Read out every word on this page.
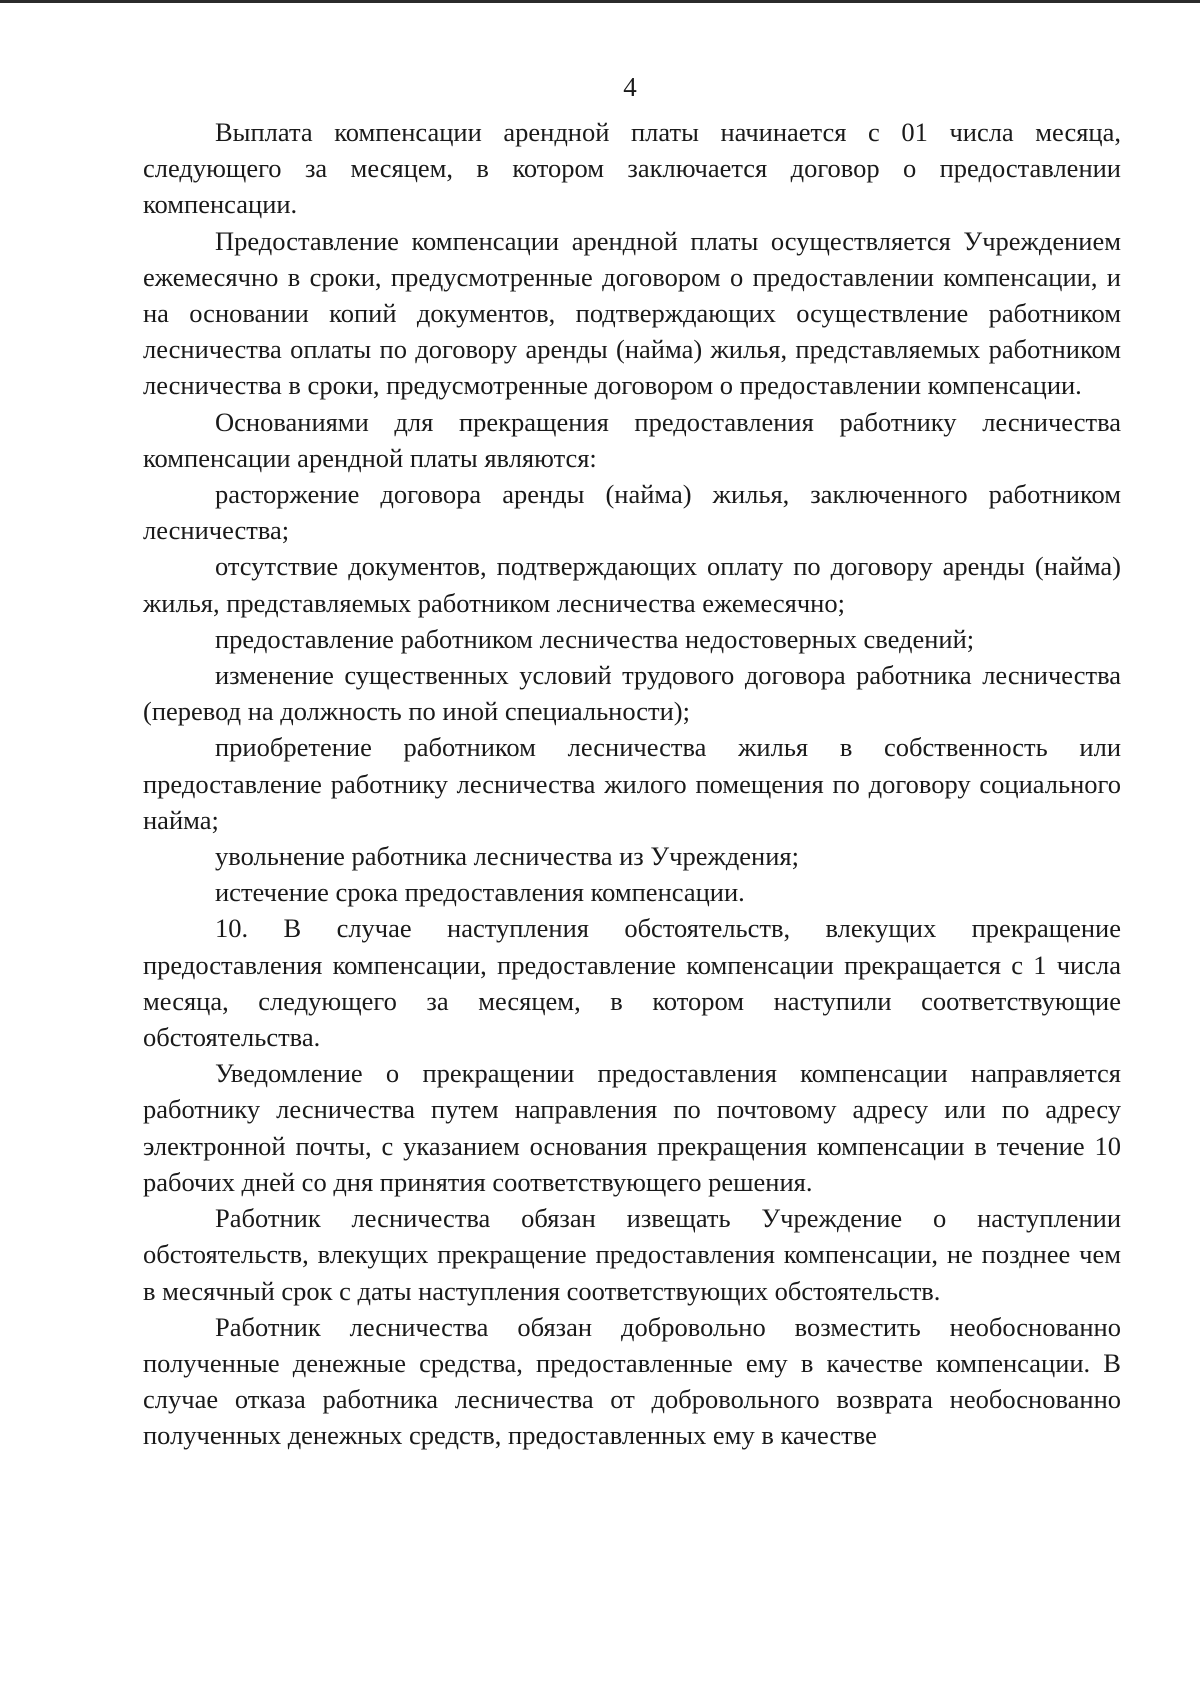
4

Выплата компенсации арендной платы начинается с 01 числа месяца, следующего за месяцем, в котором заключается договор о предоставлении компенсации.

Предоставление компенсации арендной платы осуществляется Учреждением ежемесячно в сроки, предусмотренные договором о предоставлении компенсации, и на основании копий документов, подтверждающих осуществление работником лесничества оплаты по договору аренды (найма) жилья, представляемых работником лесничества в сроки, предусмотренные договором о предоставлении компенсации.

Основаниями для прекращения предоставления работнику лесничества компенсации арендной платы являются:

расторжение договора аренды (найма) жилья, заключенного работником лесничества;

отсутствие документов, подтверждающих оплату по договору аренды (найма) жилья, представляемых работником лесничества ежемесячно;

предоставление работником лесничества недостоверных сведений;

изменение существенных условий трудового договора работника лесничества (перевод на должность по иной специальности);

приобретение работником лесничества жилья в собственность или предоставление работнику лесничества жилого помещения по договору социального найма;

увольнение работника лесничества из Учреждения;

истечение срока предоставления компенсации.

10. В случае наступления обстоятельств, влекущих прекращение предоставления компенсации, предоставление компенсации прекращается с 1 числа месяца, следующего за месяцем, в котором наступили соответствующие обстоятельства.

Уведомление о прекращении предоставления компенсации направляется работнику лесничества путем направления по почтовому адресу или по адресу электронной почты, с указанием основания прекращения компенсации в течение 10 рабочих дней со дня принятия соответствующего решения.

Работник лесничества обязан извещать Учреждение о наступлении обстоятельств, влекущих прекращение предоставления компенсации, не позднее чем в месячный срок с даты наступления соответствующих обстоятельств.

Работник лесничества обязан добровольно возместить необоснованно полученные денежные средства, предоставленные ему в качестве компенсации. В случае отказа работника лесничества от добровольного возврата необоснованно полученных денежных средств, предоставленных ему в качестве
